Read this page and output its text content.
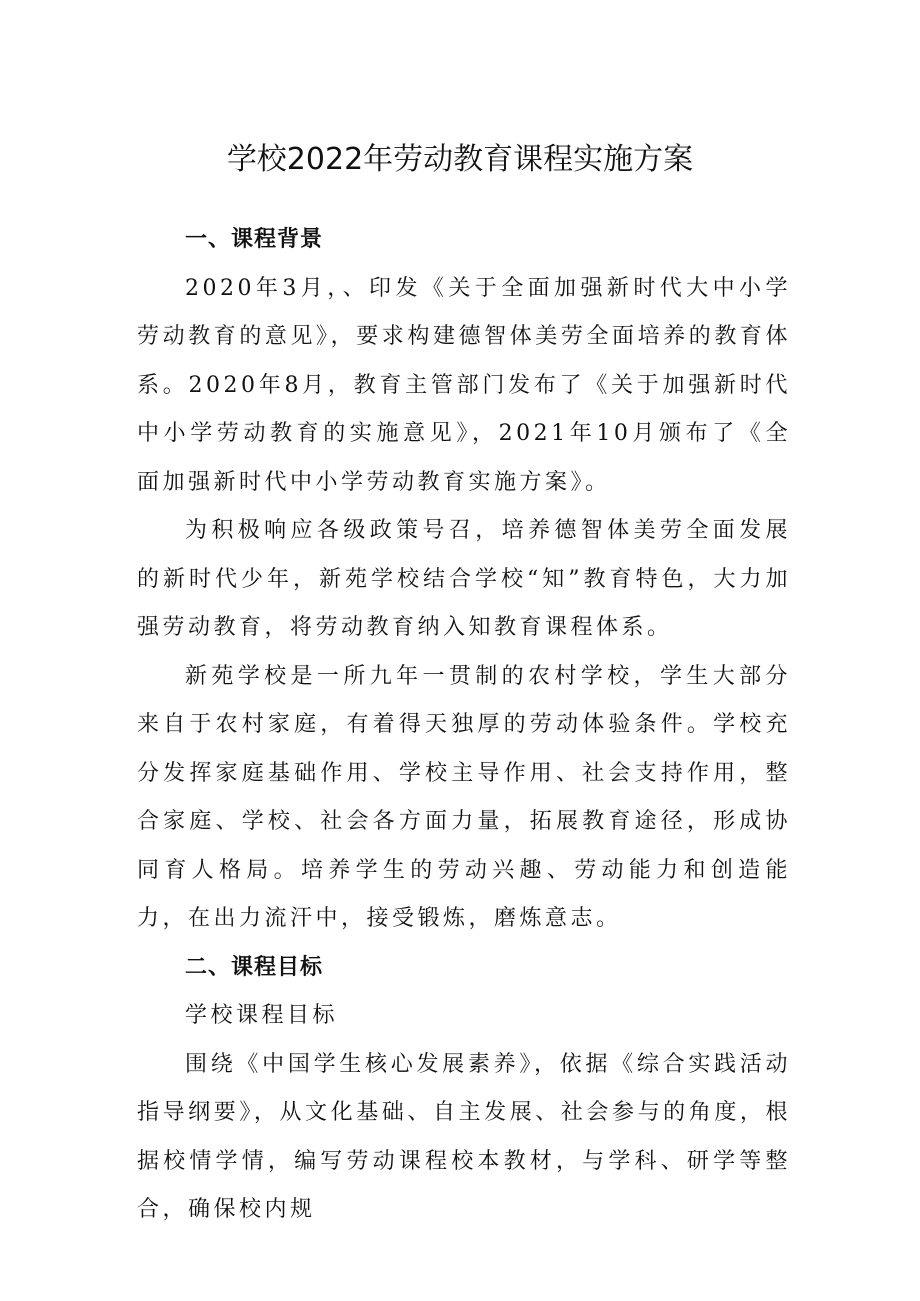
学校2022年劳动教育课程实施方案
一、课程背景

2020年3月，、印发《关于全面加强新时代大中小学劳动教育的意见》，要求构建德智体美劳全面培养的教育体系。2020年8月，教育主管部门发布了《关于加强新时代中小学劳动教育的实施意见》，2021年10月颁布了《全面加强新时代中小学劳动教育实施方案》。

为积极响应各级政策号召，培养德智体美劳全面发展的新时代少年，新苑学校结合学校“知”教育特色，大力加强劳动教育，将劳动教育纳入知教育课程体系。

新苑学校是一所九年一贯制的农村学校，学生大部分来自于农村家庭，有着得天独厚的劳动体验条件。学校充分发挥家庭基础作用、学校主导作用、社会支持作用，整合家庭、学校、社会各方面力量，拓展教育途径，形成协同育人格局。培养学生的劳动兴趣、劳动能力和创造能力，在出力流汗中，接受锻炼，磨炼意志。

二、课程目标

学校课程目标

围绕《中国学生核心发展素养》，依据《综合实践活动指导纲要》，从文化基础、自主发展、社会参与的角度，根据校情学情，编写劳动课程校本教材，与学科、研学等整合，确保校内规
